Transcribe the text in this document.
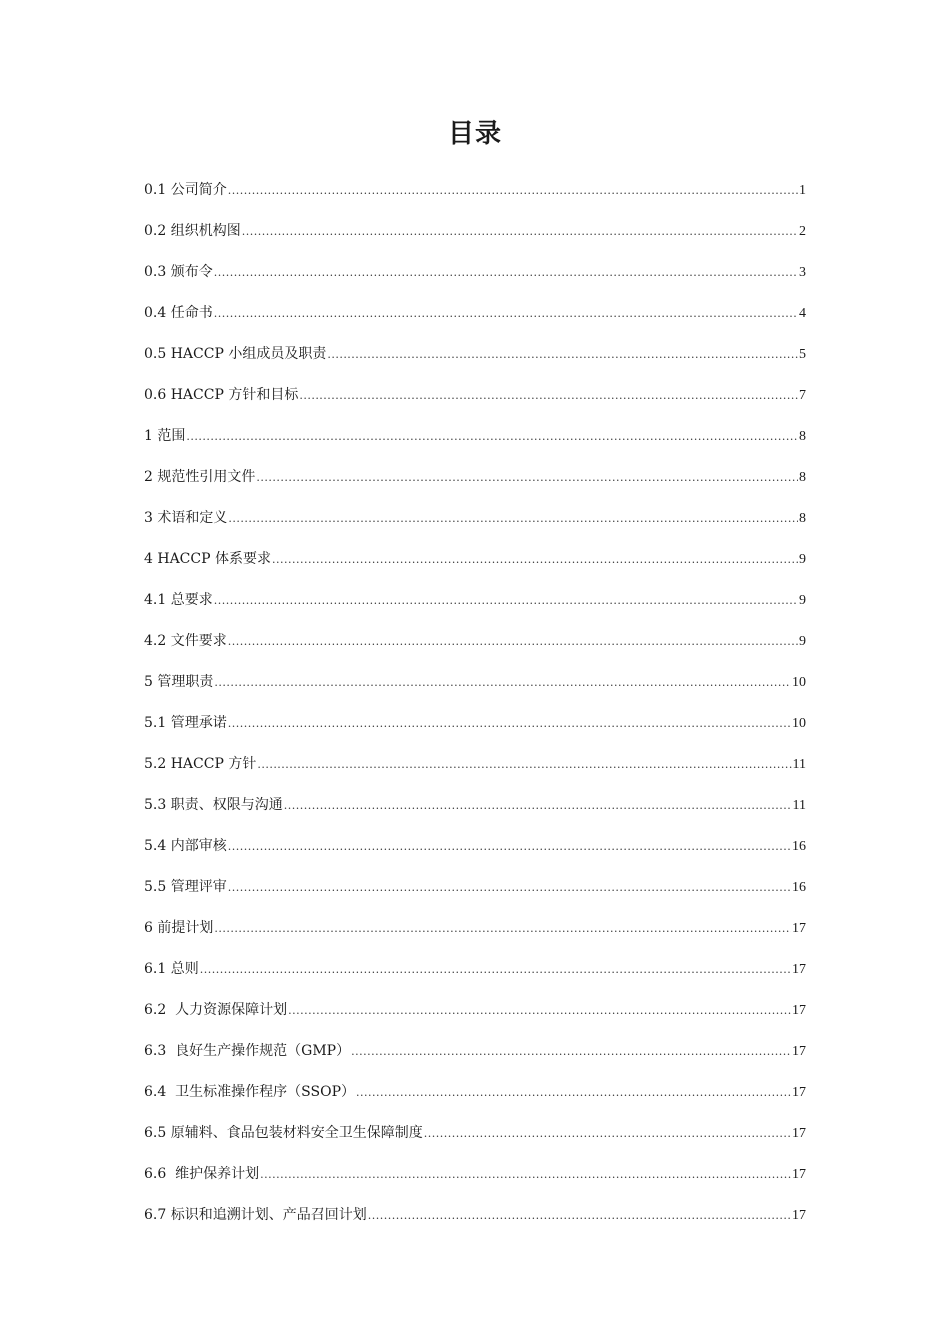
目录
0.1 公司简介 .....	1
0.2 组织机构图 .....	2
0.3 颁布令 .....	3
0.4 任命书 .....	4
0.5 HACCP 小组成员及职责 .....	5
0.6 HACCP 方针和目标 .....	7
1 范围 .....	8
2 规范性引用文件 .....	8
3 术语和定义 .....	8
4 HACCP 体系要求 .....	9
4.1 总要求 .....	9
4.2 文件要求 .....	9
5 管理职责 .....	10
5.1 管理承诺 .....	10
5.2 HACCP 方针 .....	11
5.3 职责、权限与沟通 .....	11
5.4 内部审核 .....	16
5.5 管理评审 .....	16
6 前提计划 .....	17
6.1 总则 .....	17
6.2  人力资源保障计划 .....	17
6.3  良好生产操作规范（GMP） .....	17
6.4  卫生标准操作程序（SSOP） .....	17
6.5 原辅料、食品包装材料安全卫生保障制度 .....	17
6.6  维护保养计划 .....	17
6.7 标识和追溯计划、产品召回计划 .....	17
